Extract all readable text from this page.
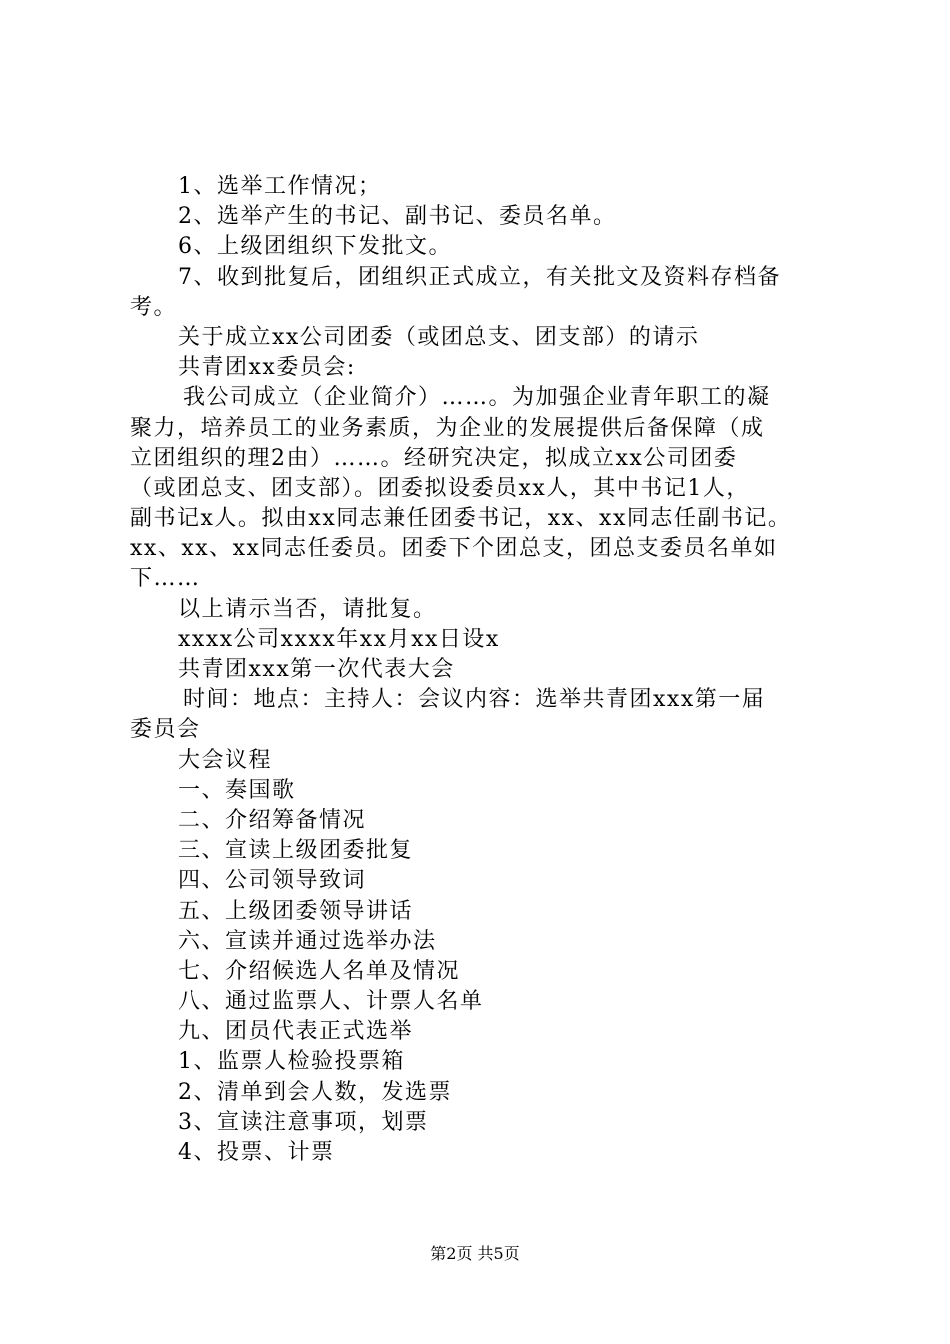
1、选举工作情况；
2、选举产生的书记、副书记、委员名单。
6、上级团组织下发批文。
7、收到批复后，团组织正式成立，有关批文及资料存档备
考。
关于成立xx公司团委（或团总支、团支部）的请示
共青团xx委员会:
我公司成立（企业简介）……。为加强企业青年职工的凝
聚力，培养员工的业务素质，为企业的发展提供后备保障（成
立团组织的理2由）……。经研究决定，拟成立xx公司团委
（或团总支、团支部）。团委拟设委员xx人，其中书记1人，
副书记x人。拟由xx同志兼任团委书记，xx、xx同志任副书记。
xx、xx、xx同志任委员。团委下个团总支，团总支委员名单如
下……
以上请示当否，请批复。
xxxx公司xxxx年xx月xx日设x
共青团xxx第一次代表大会
时间：地点：主持人：会议内容：选举共青团xxx第一届
委员会
大会议程
一、奏国歌
二、介绍筹备情况
三、宣读上级团委批复
四、公司领导致词
五、上级团委领导讲话
六、宣读并通过选举办法
七、介绍候选人名单及情况
八、通过监票人、计票人名单
九、团员代表正式选举
1、监票人检验投票箱
2、清单到会人数，发选票
3、宣读注意事项，划票
4、投票、计票
第2页 共5页
